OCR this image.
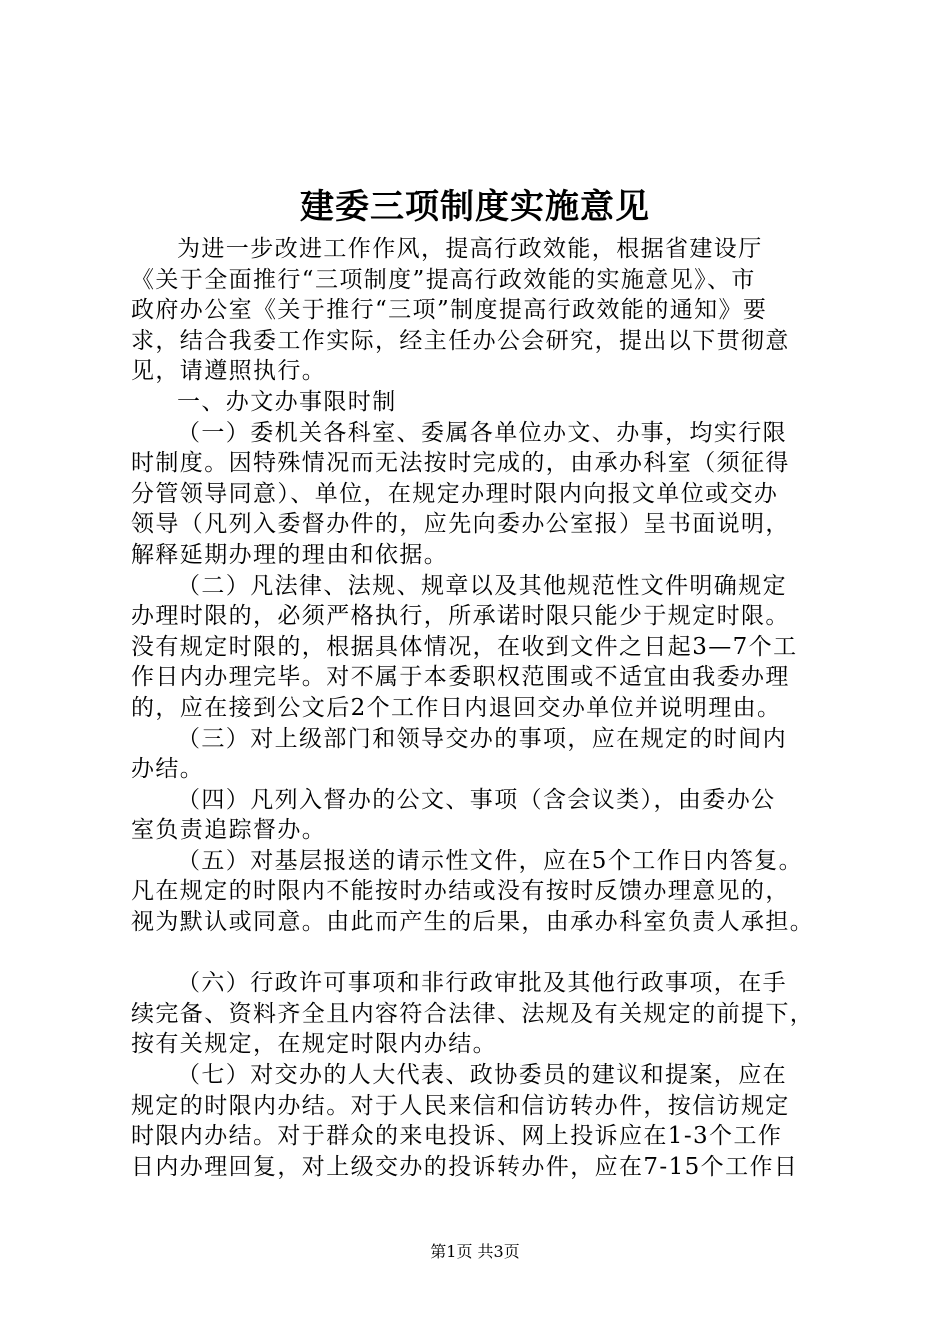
建委三项制度实施意见
为进一步改进工作作风，提高行政效能，根据省建设厅
《关于全面推行“三项制度”提高行政效能的实施意见》、市
政府办公室《关于推行“三项”制度提高行政效能的通知》要
求，结合我委工作实际，经主任办公会研究，提出以下贯彻意
见，请遵照执行。
一、办文办事限时制
（一）委机关各科室、委属各单位办文、办事，均实行限
时制度。因特殊情况而无法按时完成的，由承办科室（须征得
分管领导同意）、单位，在规定办理时限内向报文单位或交办
领导（凡列入委督办件的，应先向委办公室报）呈书面说明，
解释延期办理的理由和依据。
（二）凡法律、法规、规章以及其他规范性文件明确规定
办理时限的，必须严格执行，所承诺时限只能少于规定时限。
没有规定时限的，根据具体情况，在收到文件之日起3—7个工
作日内办理完毕。对不属于本委职权范围或不适宜由我委办理
的，应在接到公文后2个工作日内退回交办单位并说明理由。
（三）对上级部门和领导交办的事项，应在规定的时间内
办结。
（四）凡列入督办的公文、事项（含会议类），由委办公
室负责追踪督办。
（五）对基层报送的请示性文件，应在5个工作日内答复。
凡在规定的时限内不能按时办结或没有按时反馈办理意见的，
视为默认或同意。由此而产生的后果，由承办科室负责人承担。
（六）行政许可事项和非行政审批及其他行政事项，在手
续完备、资料齐全且内容符合法律、法规及有关规定的前提下，
按有关规定，在规定时限内办结。
（七）对交办的人大代表、政协委员的建议和提案，应在
规定的时限内办结。对于人民来信和信访转办件，按信访规定
时限内办结。对于群众的来电投诉、网上投诉应在1-3个工作
日内办理回复，对上级交办的投诉转办件，应在7-15个工作日
第1页 共3页
